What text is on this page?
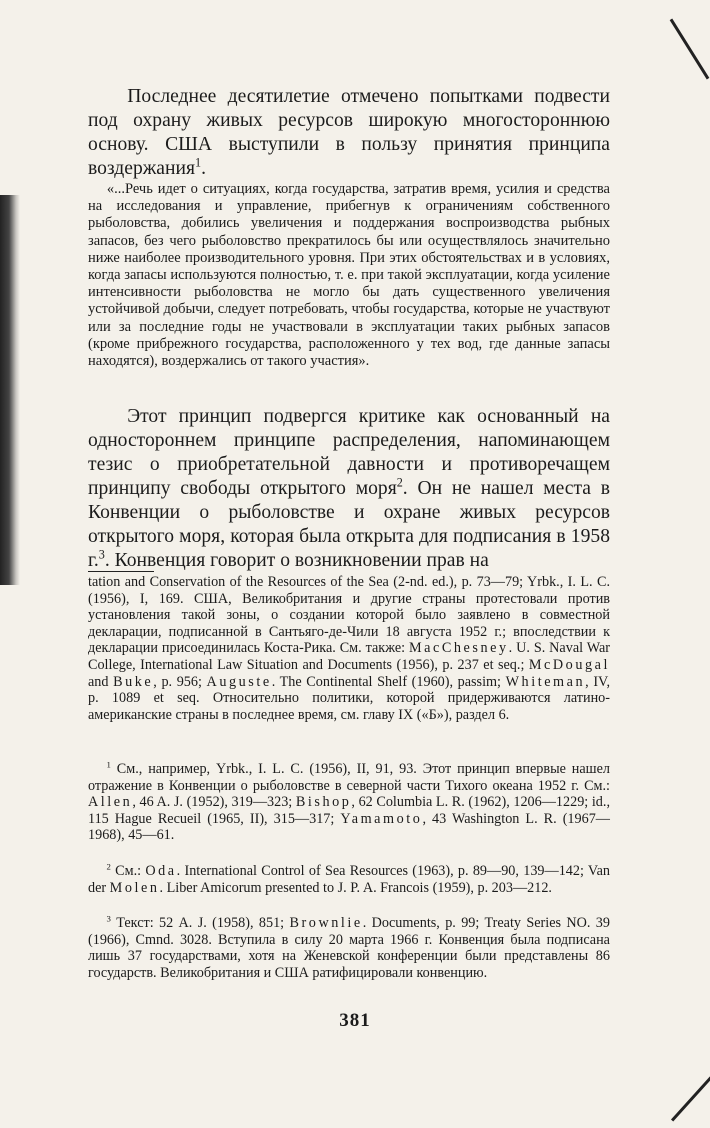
Последнее десятилетие отмечено попытками подвести под охрану живых ресурсов широкую многостороннюю основу. США выступили в пользу принятия принципа воздержания$^1$.

«...Речь идет о ситуациях, когда государства, затратив время, усилия и средства на исследования и управление, прибегнув к ограничениям собственного рыболовства, добились увеличения и поддержания воспроизводства рыбных запасов, без чего рыболовство прекратилось бы или осуществлялось значительно ниже наиболее производительного уровня. При этих обстоятельствах и в условиях, когда запасы используются полностью, т. е. при такой эксплуатации, когда усиление интенсивности рыболовства не могло бы дать существенного увеличения устойчивой добычи, следует потребовать, чтобы государства, которые не участвуют или за последние годы не участвовали в эксплуатации таких рыбных запасов (кроме прибрежного государства, расположенного у тех вод, где данные запасы находятся), воздержались от такого участия».

Этот принцип подвергся критике как основанный на одностороннем принципе распределения, напоминающем тезис о приобретательной давности и противоречащем принципу свободы открытого моря$^2$. Он не нашел места в Конвенции о рыболовстве и охране живых ресурсов открытого моря, которая была открыта для подписания в 1958 г.$^3$. Конвенция говорит о возникновении прав на

tation and Conservation of the Resources of the Sea (2-nd. ed.), p. 73—79; Yrbk., I. L. C. (1956), I, 169. США, Великобритания и другие страны протестовали против установления такой зоны, о создании которой было заявлено в совместной декларации, подписанной в Сантьяго-де-Чили 18 августа 1952 г.; впоследствии к декларации присоединилась Коста-Рика. См. также: MacChesney. U. S. Naval War College, International Law Situation and Documents (1956), p. 237 et seq.; McDougal and Buke, p. 956; Auguste. The Continental Shelf (1960), passim; Whiteman, IV, p. 1089 et seq. Относительно политики, которой придерживаются латино-американские страны в последнее время, см. главу IX («Б»), раздел 6.

$^1$ См., например, Yrbk., I. L. C. (1956), II, 91, 93. Этот принцип впервые нашел отражение в Конвенции о рыболовстве в северной части Тихого океана 1952 г. См.: Allen, 46 A. J. (1952), 319—323; Bishop, 62 Columbia L. R. (1962), 1206—1229; id., 115 Hague Recueil (1965, II), 315—317; Yamamoto, 43 Washington L. R. (1967—1968), 45—61.

$^2$ См.: Oda. International Control of Sea Resources (1963), p. 89—90, 139—142; Van der Molen. Liber Amicorum presented to J. P. A. Francois (1959), p. 203—212.

$^3$ Текст: 52 A. J. (1958), 851; Brownlie. Documents, p. 99; Treaty Series NO. 39 (1966), Cmnd. 3028. Вступила в силу 20 марта 1966 г. Конвенция была подписана лишь 37 государствами, хотя на Женевской конференции были представлены 86 государств. Великобритания и США ратифицировали конвенцию.

381
